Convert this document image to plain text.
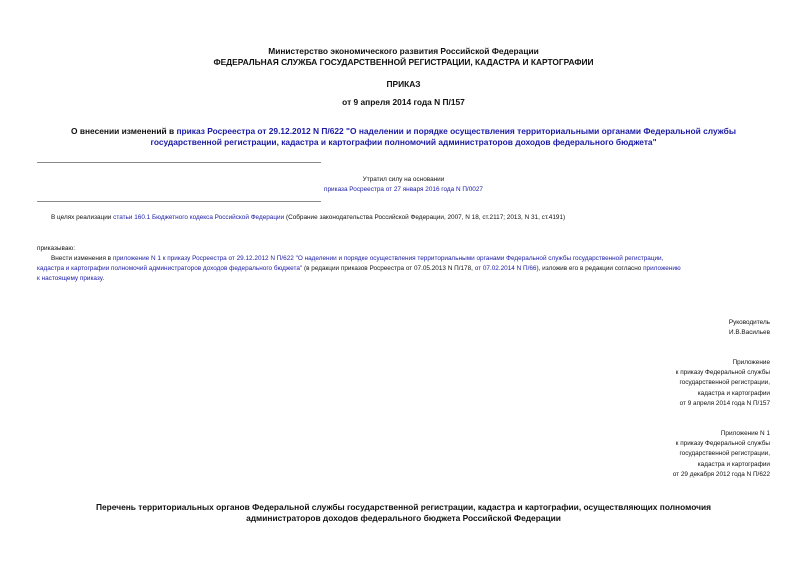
Министерство экономического развития Российской Федерации
ФЕДЕРАЛЬНАЯ СЛУЖБА ГОСУДАРСТВЕННОЙ РЕГИСТРАЦИИ, КАДАСТРА И КАРТОГРАФИИ
ПРИКАЗ
от 9 апреля 2014 года N П/157
О внесении изменений в приказ Росреестра от 29.12.2012 N П/622 "О наделении и порядке осуществления территориальными органами Федеральной службы
государственной регистрации, кадастра и картографии полномочий администраторов доходов федерального бюджета"
Утратил силу на основании
приказа Росреестра от 27 января 2016 года N П/0027
В целях реализации статьи 160.1 Бюджетного кодекса Российской Федерации (Собрание законодательства Российской Федерации, 2007, N 18, ст.2117; 2013, N 31, ст.4191)
приказываю:
Внести изменения в приложение N 1 к приказу Росреестра от 29.12.2012 N П/622 "О наделении и порядке осуществления территориальными органами Федеральной службы государственной регистрации,
кадастра и картографии полномочий администраторов доходов федерального бюджета" (в редакции приказов Росреестра от 07.05.2013 N П/178, от 07.02.2014 N П/66), изложив его в редакции согласно приложению
к настоящему приказу.
Руководитель
И.В.Васильев
Приложение
к приказу Федеральной службы
государственной регистрации,
кадастра и картографии
от 9 апреля 2014 года N П/157
Приложение N 1
к приказу Федеральной службы
государственной регистрации,
кадастра и картографии
от 29 декабря 2012 года N П/622
Перечень территориальных органов Федеральной службы государственной регистрации, кадастра и картографии, осуществляющих полномочия
администраторов доходов федерального бюджета Российской Федерации
